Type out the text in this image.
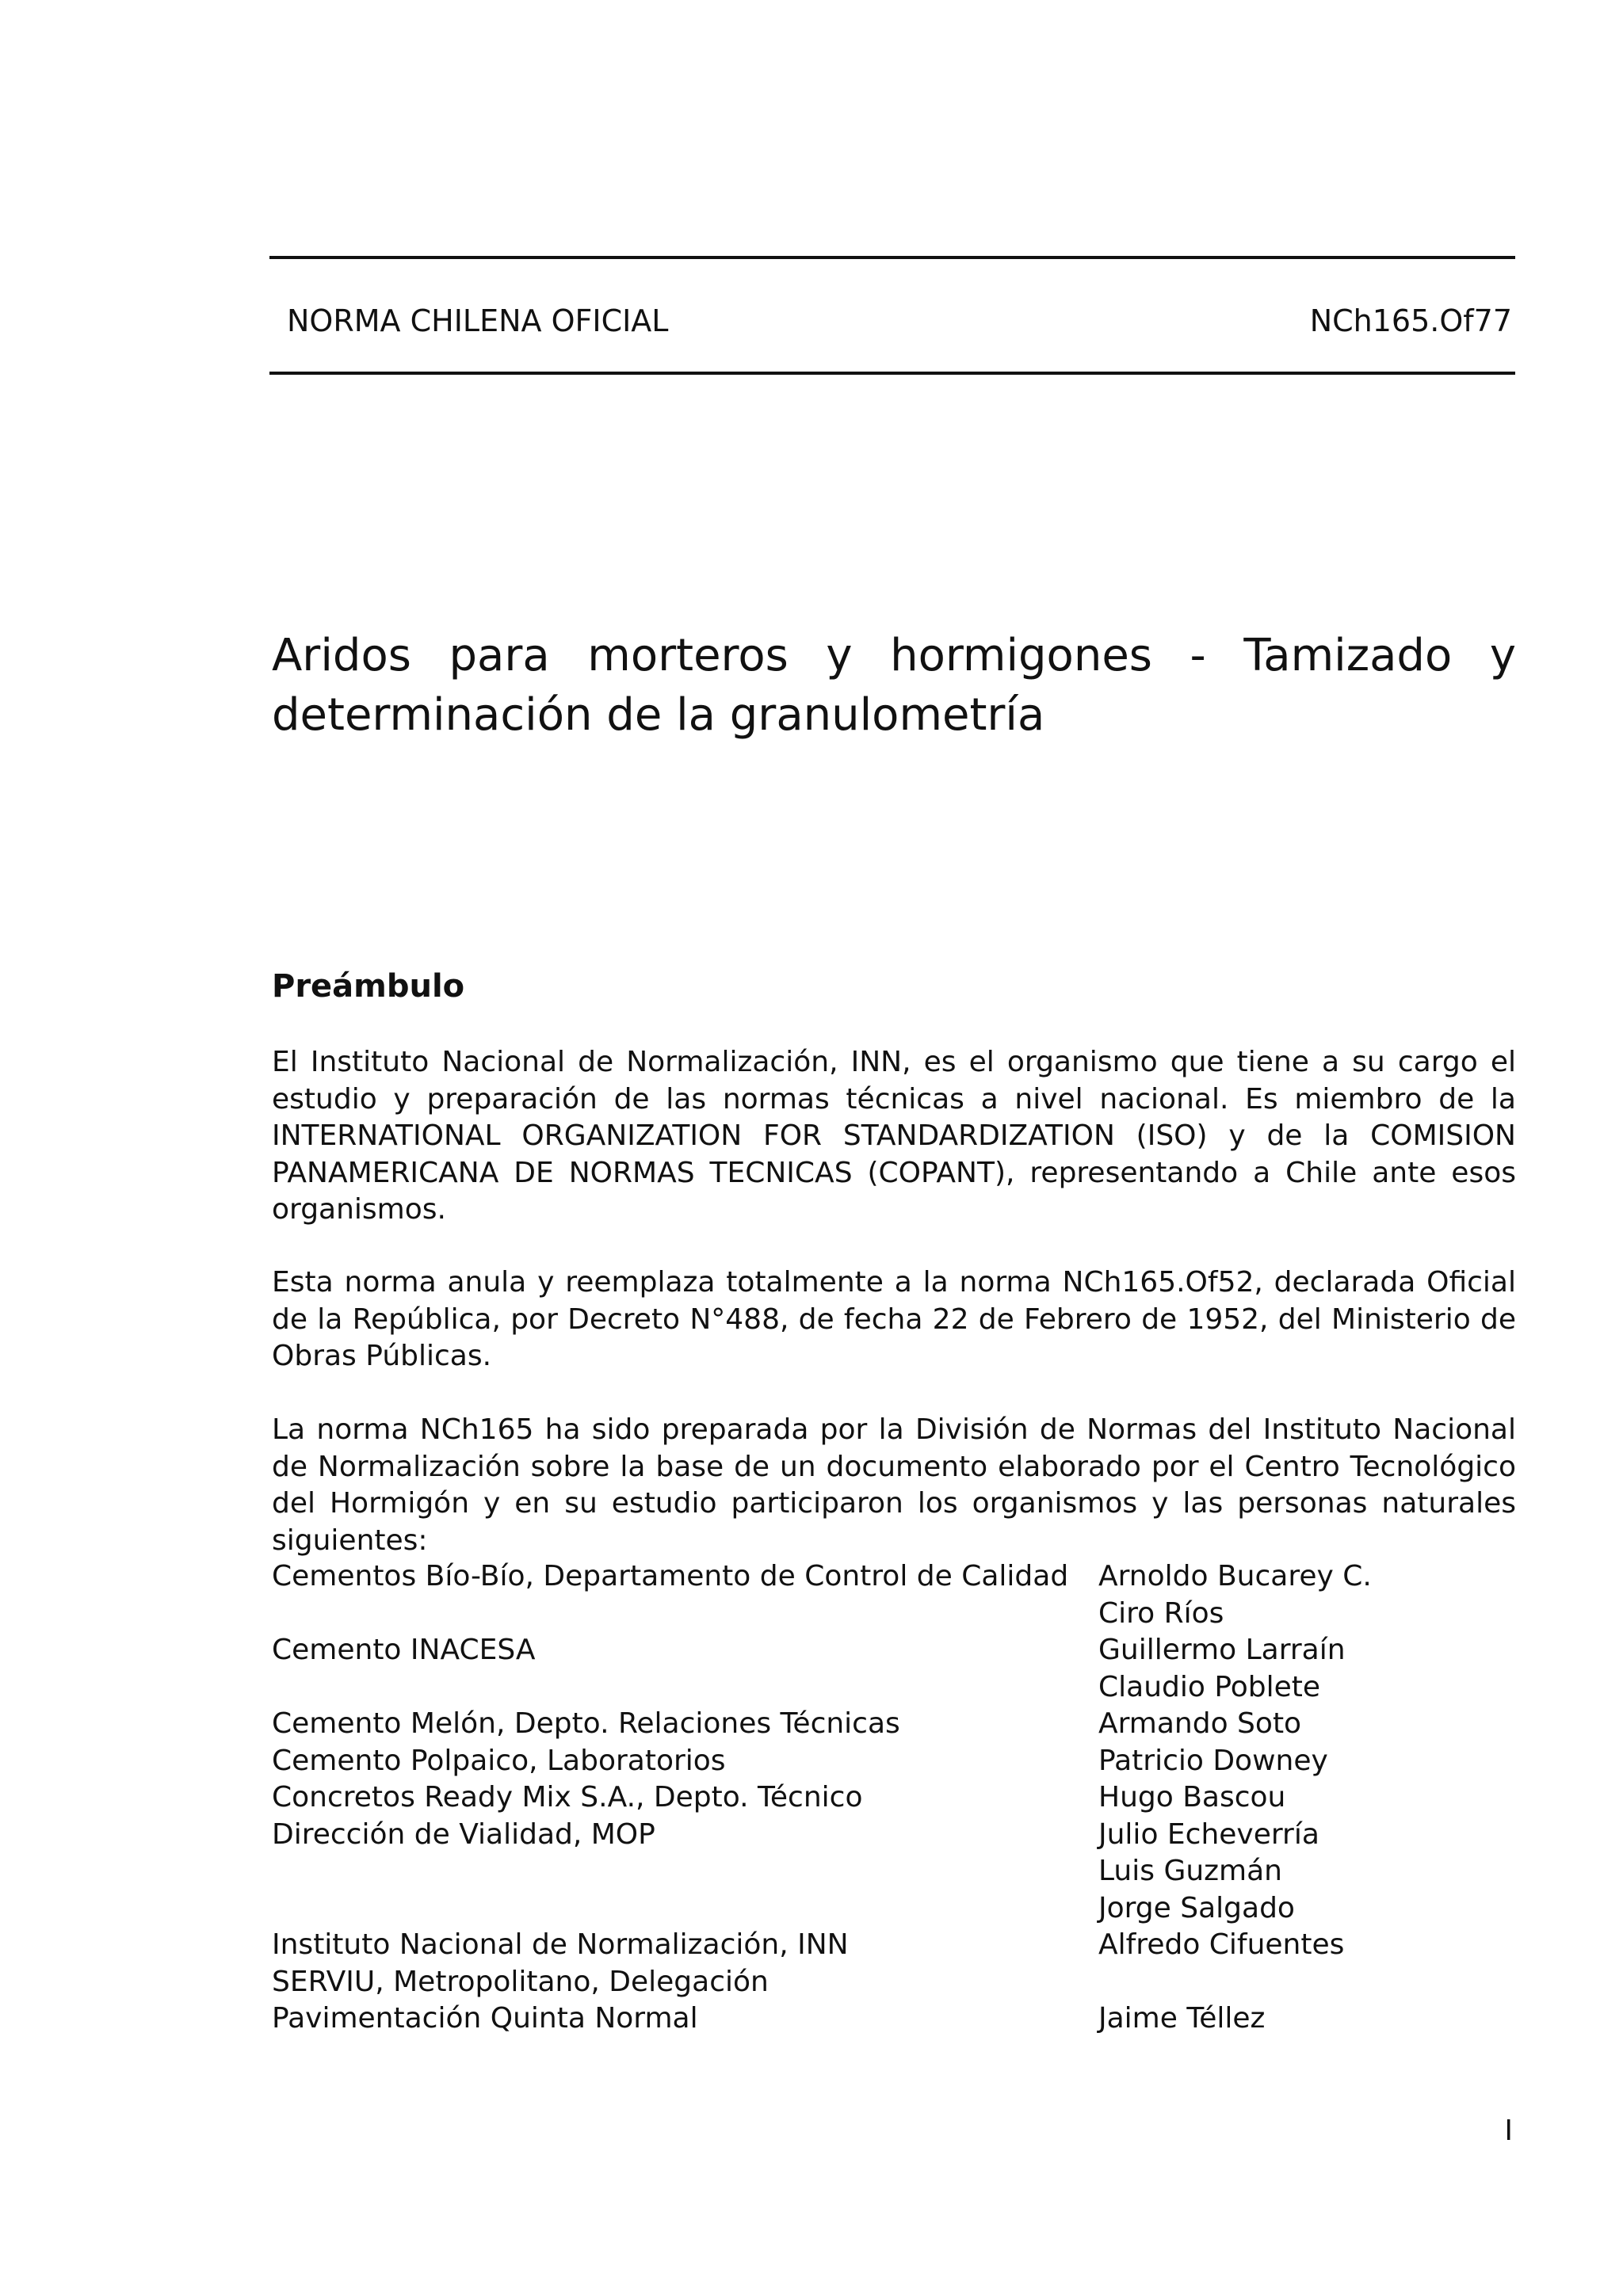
NORMA CHILENA OFICIAL	NCh165.Of77
Aridos para morteros y hormigones - Tamizado y determinación de la granulometría
Preámbulo

El Instituto Nacional de Normalización, INN, es el organismo que tiene a su cargo el estudio y preparación de las normas técnicas a nivel nacional. Es miembro de la INTERNATIONAL ORGANIZATION FOR STANDARDIZATION (ISO) y de la COMISION PANAMERICANA DE NORMAS TECNICAS (COPANT), representando a Chile ante esos organismos.

Esta norma anula y reemplaza totalmente a la norma NCh165.Of52, declarada Oficial de la República, por Decreto N°488, de fecha 22 de Febrero de 1952, del Ministerio de Obras Públicas.

La norma NCh165 ha sido preparada por la División de Normas del Instituto Nacional de Normalización sobre la base de un documento elaborado por el Centro Tecnológico del Hormigón y en su estudio participaron los organismos y las personas naturales siguientes:

Cementos Bío-Bío, Departamento de Control de Calidad	Arnoldo Bucarey C.
Ciro Ríos
Cemento INACESA	Guillermo Larraín
Claudio Poblete
Cemento Melón, Depto. Relaciones Técnicas	Armando Soto
Cemento Polpaico, Laboratorios	Patricio Downey
Concretos Ready Mix S.A., Depto. Técnico	Hugo Bascou
Dirección de Vialidad, MOP	Julio Echeverría
Luis Guzmán
Jorge Salgado
Instituto Nacional de Normalización, INN	Alfredo Cifuentes
SERVIU, Metropolitano, Delegación
Pavimentación Quinta Normal	Jaime Téllez
I
